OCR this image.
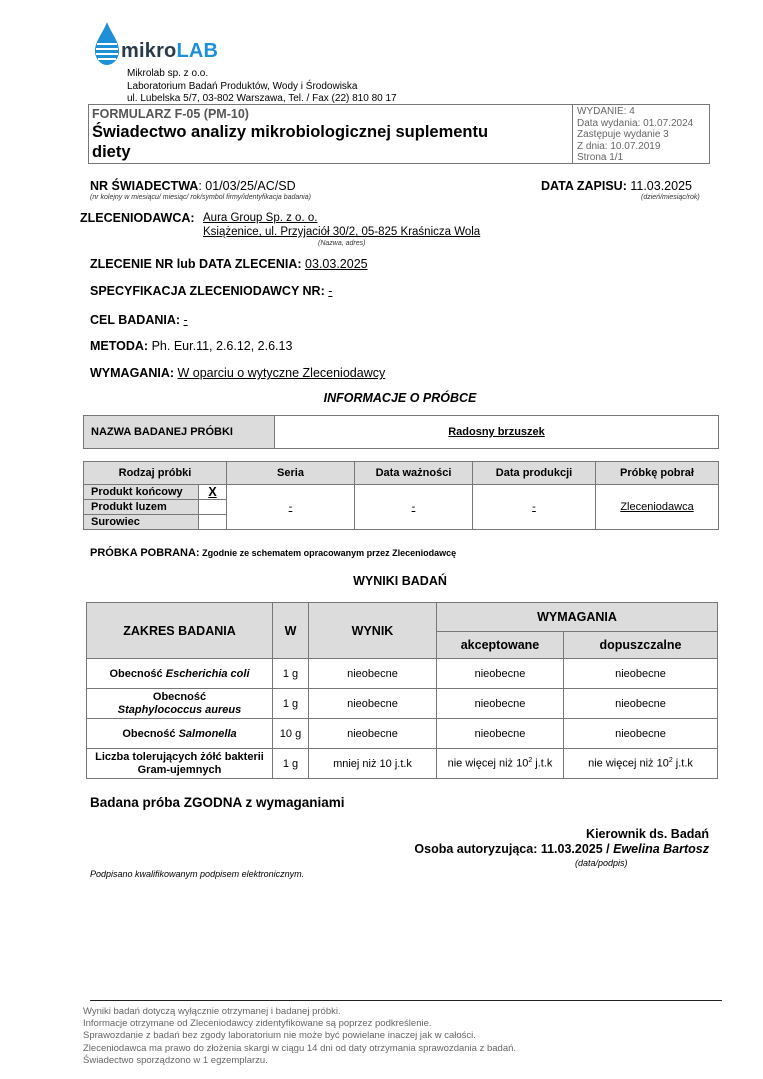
mikroLAB
Mikrolab sp. z o.o.
Laboratorium Badań Produktów, Wody i Środowiska
ul. Lubelska 5/7, 03-802 Warszawa, Tel. / Fax (22) 810 80 17
FORMULARZ F-05 (PM-10)
Świadectwo analizy mikrobiologicznej suplementu
diety
WYDANIE: 4
Data wydania: 01.07.2024
Zastępuje wydanie 3
Z dnia: 10.07.2019
Strona 1/1
NR ŚWIADECTWA: 01/03/25/AC/SD
(nr kolejny w miesiącu/ miesiąc/ rok/symbol firmy/identyfikacja badania)
DATA ZAPISU: 11.03.2025
(dzień/miesiąc/rok)
ZLECENIODAWCA: Aura Group Sp. z o. o.
Książenice, ul. Przyjaciół 30/2, 05-825 Kraśnicza Wola
(Nazwa, adres)
ZLECENIE NR lub DATA ZLECENIA: 03.03.2025
SPECYFIKACJA ZLECENIODAWCY NR: -
CEL BADANIA: -
METODA: Ph. Eur.11, 2.6.12, 2.6.13
WYMAGANIA: W oparciu o wytyczne Zleceniodawcy
INFORMACJE O PRÓBCE
NAZWA BADANEJ PRÓBKI	Radosny brzuszek
Rodzaj próbki		Seria	Data ważności	Data produkcji	Próbkę pobrał
Produkt końcowy	X	-	-	-	Zleceniodawca
Produkt luzem					
Surowiec					
PRÓBKA POBRANA: Zgodnie ze schematem opracowanym przez Zleceniodawcę
WYNIKI BADAŃ
ZAKRES BADANIA	W	WYNIK	WYMAGANIA	
			akceptowane	dopuszczalne
Obecność Escherichia coli	1 g	nieobecne	nieobecne	nieobecne

Obecność
Staphylococcus aureus	1 g	nieobecne	nieobecne	nieobecne
Obecność Salmonella	10 g	nieobecne	nieobecne	nieobecne

Liczba tolerujących żółć bakterii
Gram-ujemnych	1 g	mniej niż 10 j.t.k	nie więcej niż $10^2$ j.t.k	nie więcej niż $10^2$ j.t.k
Badana próba ZGODNA z wymaganiami
Kierownik ds. Badań
Osoba autoryzująca: 11.03.2025 / Ewelina Bartosz
(data/podpis)
Podpisano kwalifikowanym podpisem elektronicznym.
Wyniki badań dotyczą wyłącznie otrzymanej i badanej próbki.
Informacje otrzymane od Zleceniodawcy zidentyfikowane są poprzez podkreślenie.
Sprawozdanie z badań bez zgody laboratorium nie może być powielane inaczej jak w całości.
Zleceniodawca ma prawo do złożenia skargi w ciągu 14 dni od daty otrzymania sprawozdania z badań.
Świadectwo sporządzono w 1 egzemplarzu.
